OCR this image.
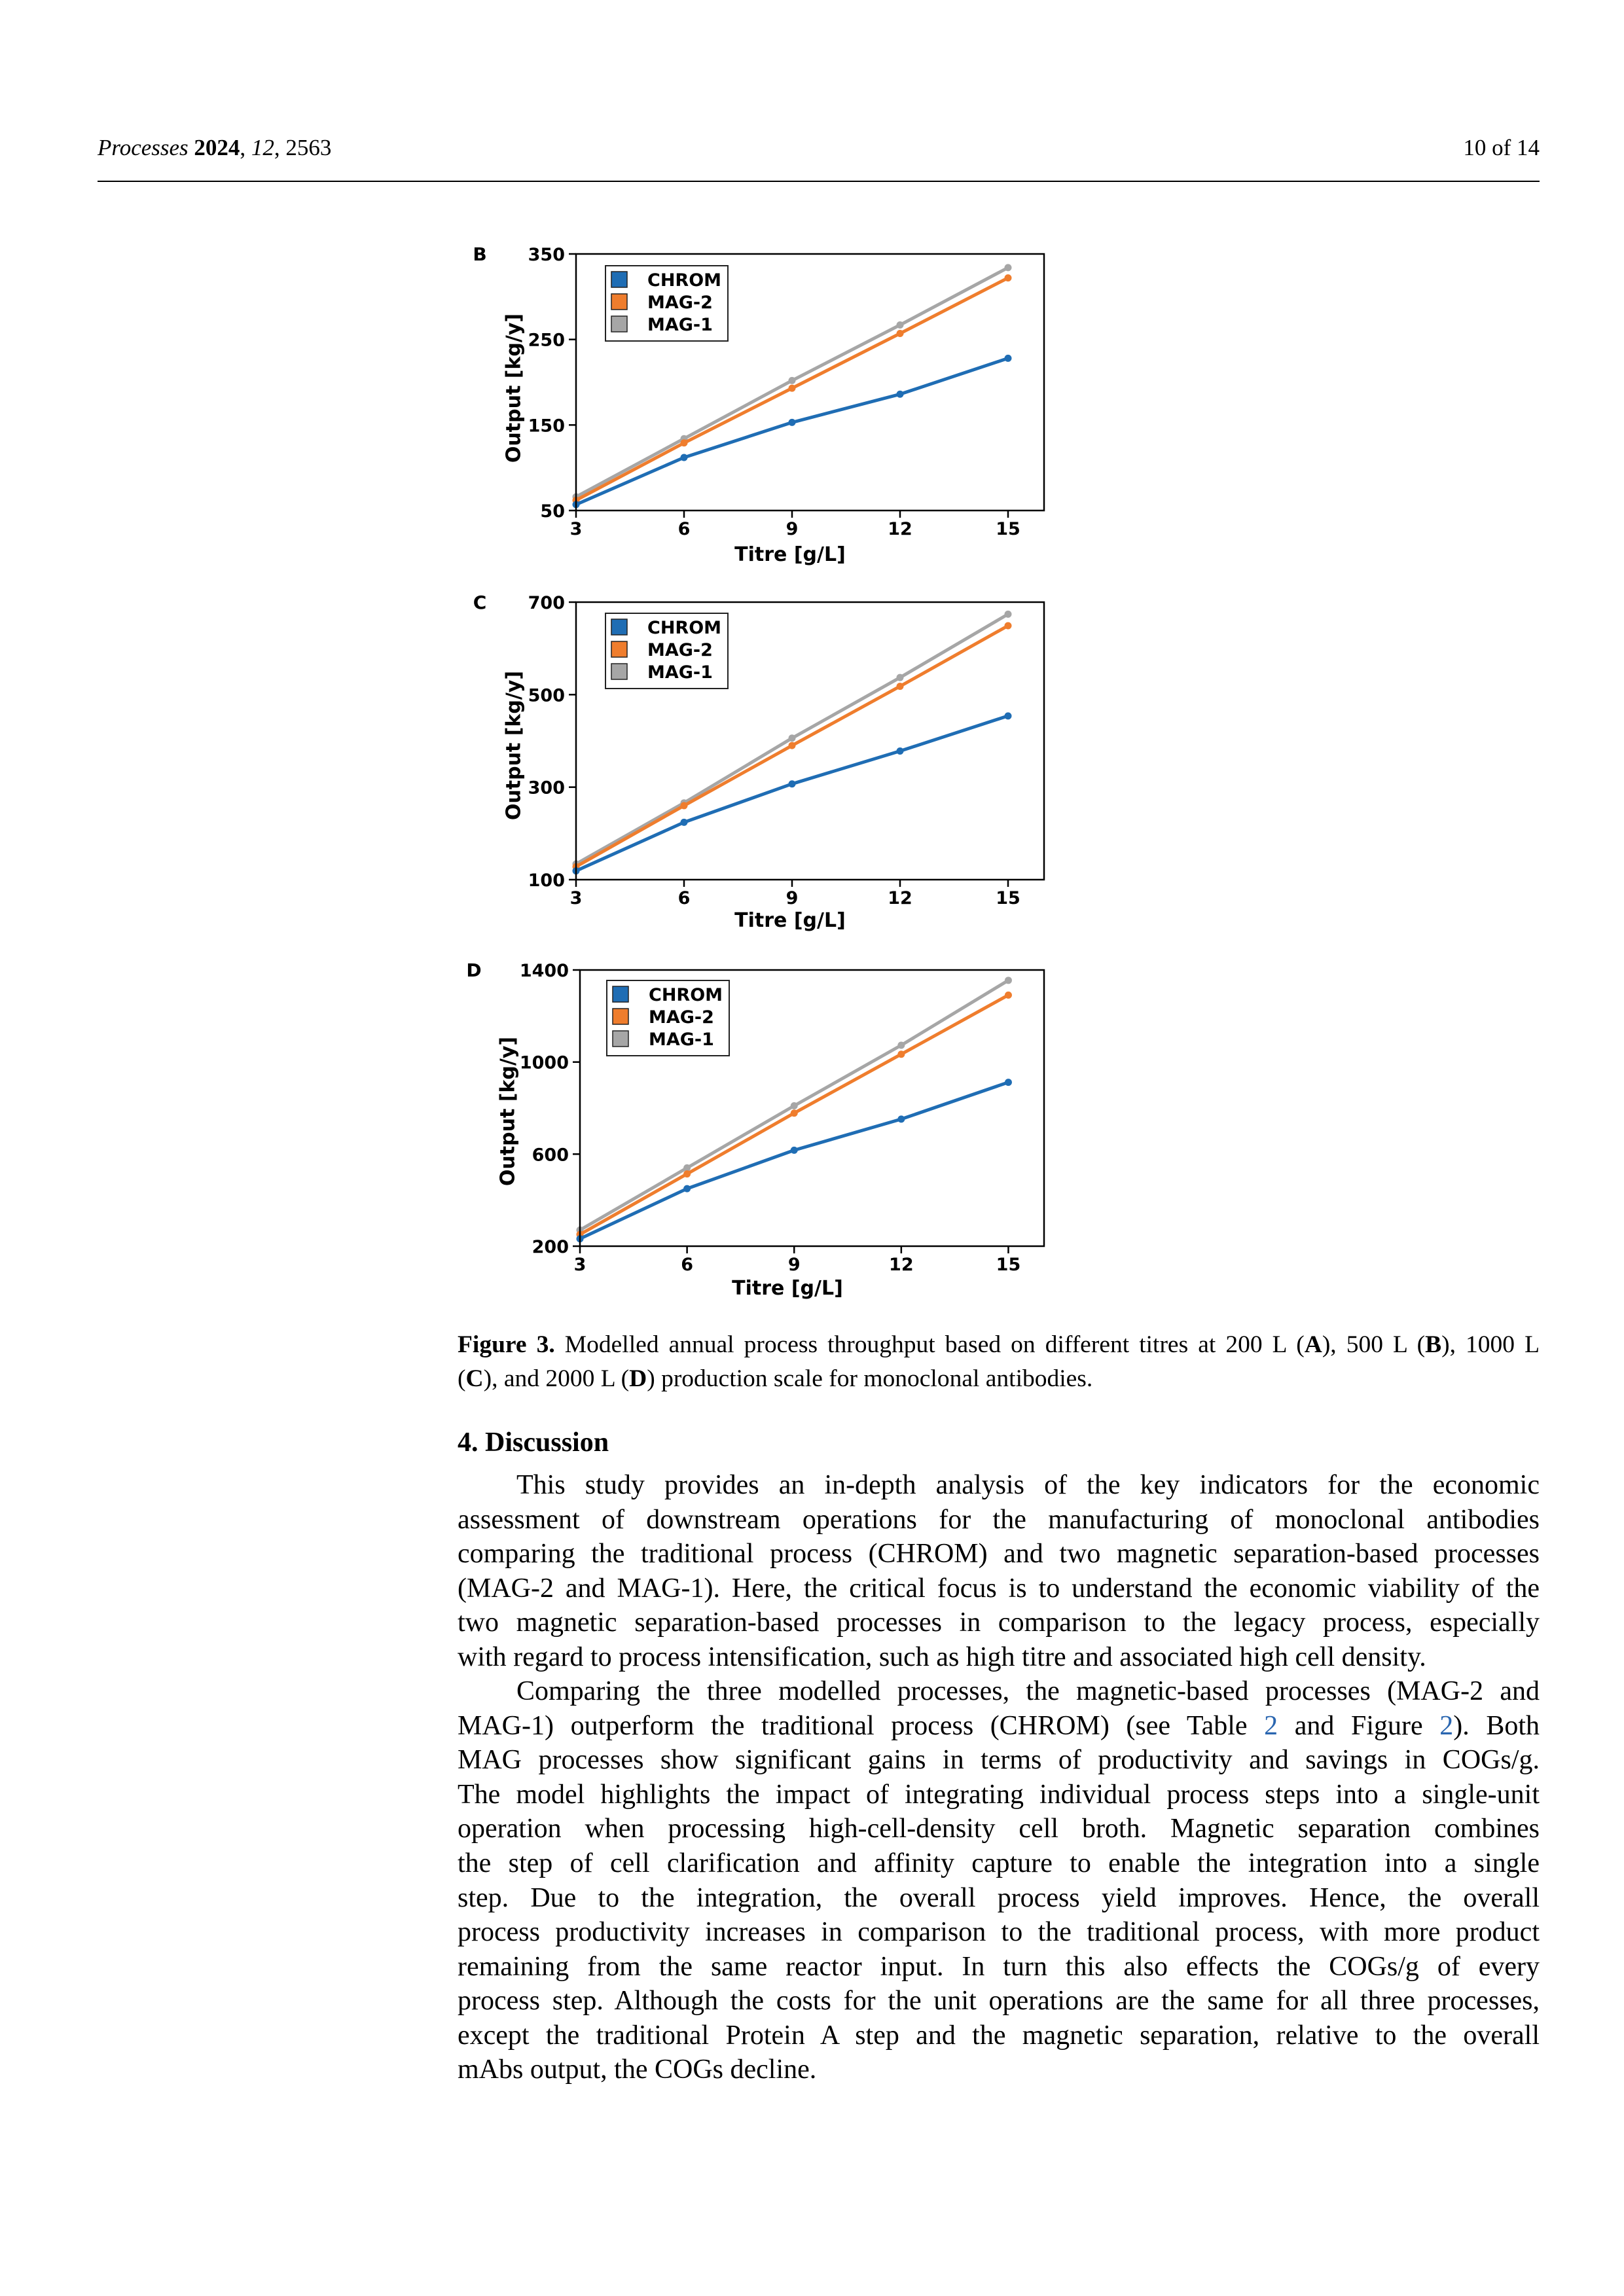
Processes 2024, 12, 2563	10 of 14
B
50
150
250
350
3	6	9	12	15
CHROM
MAG-2
MAG-1
Titre [g/L]
Output [kg/y]
C
100
300
500
700
3	6	9	12	15
CHROM
MAG-2
MAG-1
Titre [g/L]
Output [kg/y]
D
200
600
1000
1400
3	6	9	12	15
CHROM
MAG-2
MAG-1
Titre [g/L]
Output [kg/y]
Figure 3. Modelled annual process throughput based on different titres at 200 L (A), 500 L (B), 1000 L
(C), and 2000 L (D) production scale for monoclonal antibodies.
4. Discussion
This study provides an in-depth analysis of the key indicators for the economic
assessment of downstream operations for the manufacturing of monoclonal antibodies
comparing the traditional process (CHROM) and two magnetic separation-based processes
(MAG-2 and MAG-1). Here, the critical focus is to understand the economic viability of the
two magnetic separation-based processes in comparison to the legacy process, especially
with regard to process intensification, such as high titre and associated high cell density.
Comparing the three modelled processes, the magnetic-based processes (MAG-2 and
MAG-1) outperform the traditional process (CHROM) (see Table 2 and Figure 2). Both
MAG processes show significant gains in terms of productivity and savings in COGs/g.
The model highlights the impact of integrating individual process steps into a single-unit
operation when processing high-cell-density cell broth. Magnetic separation combines
the step of cell clarification and affinity capture to enable the integration into a single
step. Due to the integration, the overall process yield improves. Hence, the overall
process productivity increases in comparison to the traditional process, with more product
remaining from the same reactor input. In turn this also effects the COGs/g of every
process step. Although the costs for the unit operations are the same for all three processes,
except the traditional Protein A step and the magnetic separation, relative to the overall
mAbs output, the COGs decline.
